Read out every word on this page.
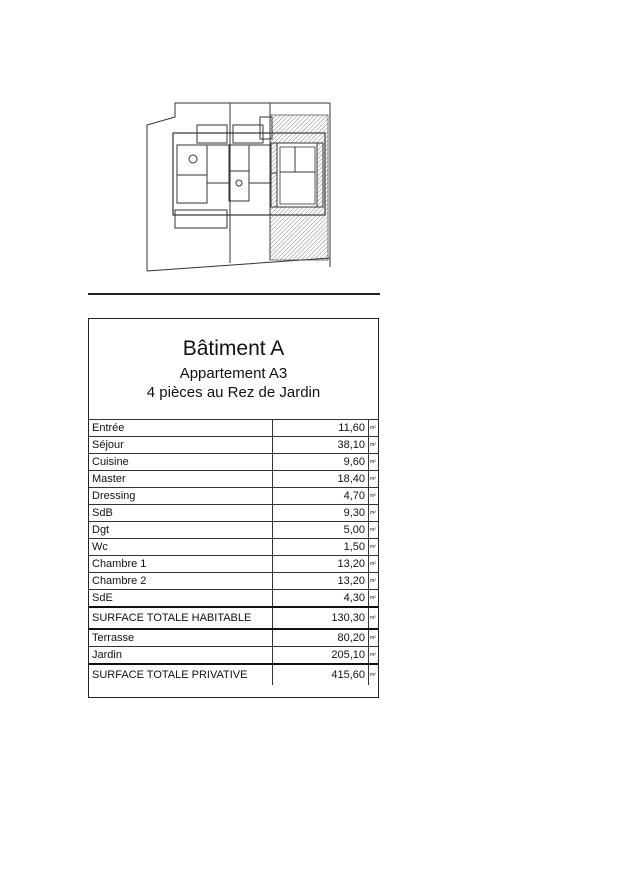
Bâtiment A
Appartement A3
4 pièces au Rez de Jardin
Entrée	11,60	m²
Séjour	38,10	m²
Cuisine	9,60	m²
Master	18,40	m²
Dressing	4,70	m²
SdB	9,30	m²
Dgt	5,00	m²
Wc	1,50	m²
Chambre 1	13,20	m²
Chambre 2	13,20	m²
SdE	4,30	m²
SURFACE TOTALE HABITABLE	130,30	m²
Terrasse	80,20	m²
Jardin	205,10	m²
SURFACE TOTALE PRIVATIVE	415,60	m²
